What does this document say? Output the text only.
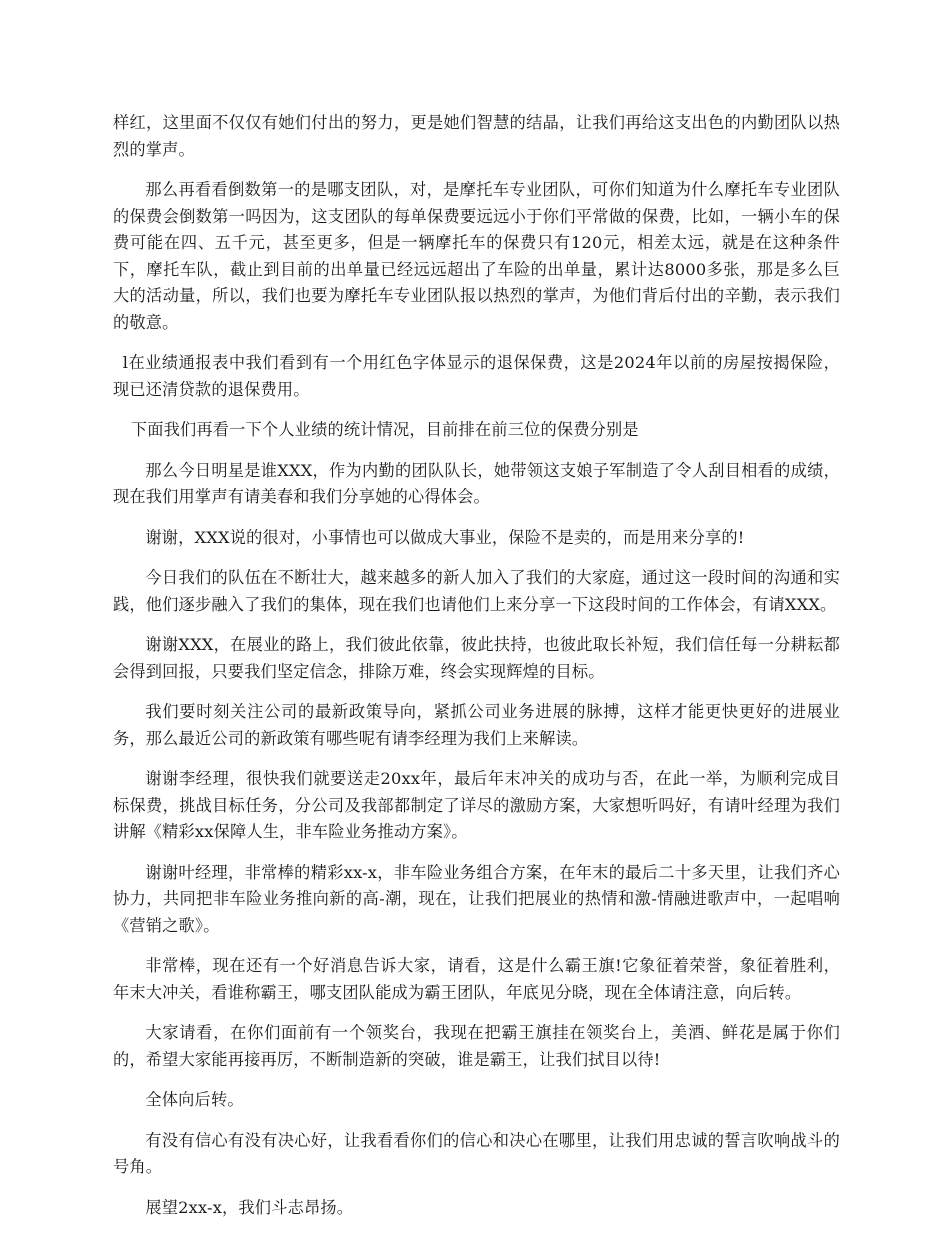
样红，这里面不仅仅有她们付出的努力，更是她们智慧的结晶，让我们再给这支出色的内勤团队以热烈的掌声。

那么再看看倒数第一的是哪支团队，对，是摩托车专业团队，可你们知道为什么摩托车专业团队的保费会倒数第一吗因为，这支团队的每单保费要远远小于你们平常做的保费，比如，一辆小车的保费可能在四、五千元，甚至更多，但是一辆摩托车的保费只有120元，相差太远，就是在这种条件下，摩托车队，截止到目前的出单量已经远远超出了车险的出单量，累计达8000多张，那是多么巨大的活动量，所以，我们也要为摩托车专业团队报以热烈的掌声，为他们背后付出的辛勤，表示我们的敬意。

l在业绩通报表中我们看到有一个用红色字体显示的退保保费，这是2024年以前的房屋按揭保险，现已还清贷款的退保费用。

下面我们再看一下个人业绩的统计情况，目前排在前三位的保费分别是

那么今日明星是谁XXX，作为内勤的团队队长，她带领这支娘子军制造了令人刮目相看的成绩，现在我们用掌声有请美春和我们分享她的心得体会。

谢谢，XXX说的很对，小事情也可以做成大事业，保险不是卖的，而是用来分享的!

今日我们的队伍在不断壮大，越来越多的新人加入了我们的大家庭，通过这一段时间的沟通和实践，他们逐步融入了我们的集体，现在我们也请他们上来分享一下这段时间的工作体会，有请XXX。

谢谢XXX，在展业的路上，我们彼此依靠，彼此扶持，也彼此取长补短，我们信任每一分耕耘都会得到回报，只要我们坚定信念，排除万难，终会实现辉煌的目标。

我们要时刻关注公司的最新政策导向，紧抓公司业务进展的脉搏，这样才能更快更好的进展业务，那么最近公司的新政策有哪些呢有请李经理为我们上来解读。

谢谢李经理，很快我们就要送走20xx年，最后年末冲关的成功与否，在此一举，为顺利完成目标保费，挑战目标任务，分公司及我部都制定了详尽的激励方案，大家想听吗好，有请叶经理为我们讲解《精彩xx保障人生，非车险业务推动方案》。

谢谢叶经理，非常棒的精彩xx-x，非车险业务组合方案，在年末的最后二十多天里，让我们齐心协力，共同把非车险业务推向新的高-潮，现在，让我们把展业的热情和激-情融进歌声中，一起唱响《营销之歌》。

非常棒，现在还有一个好消息告诉大家，请看，这是什么霸王旗!它象征着荣誉，象征着胜利，年末大冲关，看谁称霸王，哪支团队能成为霸王团队，年底见分晓，现在全体请注意，向后转。

大家请看，在你们面前有一个领奖台，我现在把霸王旗挂在领奖台上，美酒、鲜花是属于你们的，希望大家能再接再厉，不断制造新的突破，谁是霸王，让我们拭目以待!

全体向后转。

有没有信心有没有决心好，让我看看你们的信心和决心在哪里，让我们用忠诚的誓言吹响战斗的号角。

展望2xx-x，我们斗志昂扬。
